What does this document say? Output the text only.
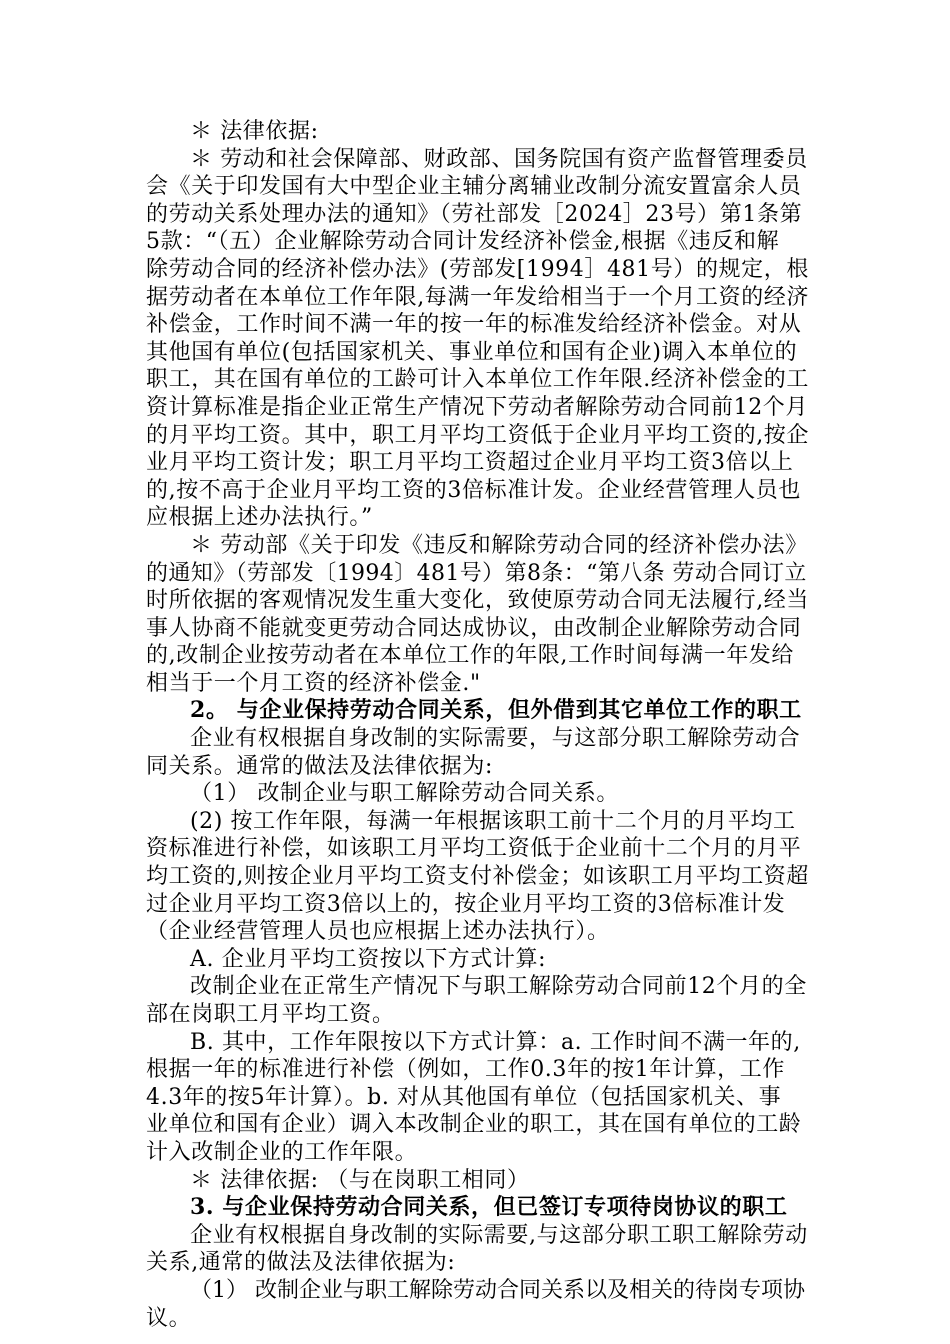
＊ 法律依据:
＊ 劳动和社会保障部、财政部、国务院国有资产监督管理委员
会《关于印发国有大中型企业主辅分离辅业改制分流安置富余人员
的劳动关系处理办法的通知》（劳社部发［2024］23号）第1条第
5款：“（五）企业解除劳动合同计发经济补偿金,根据《违反和解
除劳动合同的经济补偿办法》(劳部发[1994］481号）的规定，根
据劳动者在本单位工作年限,每满一年发给相当于一个月工资的经济
补偿金，工作时间不满一年的按一年的标准发给经济补偿金。对从
其他国有单位(包括国家机关、事业单位和国有企业)调入本单位的
职工，其在国有单位的工龄可计入本单位工作年限.经济补偿金的工
资计算标准是指企业正常生产情况下劳动者解除劳动合同前12个月
的月平均工资。其中，职工月平均工资低于企业月平均工资的,按企
业月平均工资计发；职工月平均工资超过企业月平均工资3倍以上
的,按不高于企业月平均工资的3倍标准计发。企业经营管理人员也
应根据上述办法执行。”
＊ 劳动部《关于印发《违反和解除劳动合同的经济补偿办法》
的通知》（劳部发〔1994〕481号）第8条：“第八条 劳动合同订立
时所依据的客观情况发生重大变化，致使原劳动合同无法履行,经当
事人协商不能就变更劳动合同达成协议，由改制企业解除劳动合同
的,改制企业按劳动者在本单位工作的年限,工作时间每满一年发给
相当于一个月工资的经济补偿金."
2。 与企业保持劳动合同关系，但外借到其它单位工作的职工
企业有权根据自身改制的实际需要，与这部分职工解除劳动合
同关系。通常的做法及法律依据为:
（1） 改制企业与职工解除劳动合同关系。
(2) 按工作年限，每满一年根据该职工前十二个月的月平均工
资标准进行补偿，如该职工月平均工资低于企业前十二个月的月平
均工资的,则按企业月平均工资支付补偿金；如该职工月平均工资超
过企业月平均工资3倍以上的，按企业月平均工资的3倍标准计发
（企业经营管理人员也应根据上述办法执行）。
A. 企业月平均工资按以下方式计算:
改制企业在正常生产情况下与职工解除劳动合同前12个月的全
部在岗职工月平均工资。
B. 其中，工作年限按以下方式计算：a. 工作时间不满一年的,
根据一年的标准进行补偿（例如，工作0.3年的按1年计算，工作
4.3年的按5年计算）。b. 对从其他国有单位（包括国家机关、事
业单位和国有企业）调入本改制企业的职工，其在国有单位的工龄
计入改制企业的工作年限。
＊ 法律依据: （与在岗职工相同）
3. 与企业保持劳动合同关系，但已签订专项待岗协议的职工
企业有权根据自身改制的实际需要,与这部分职工职工解除劳动
关系,通常的做法及法律依据为:
（1） 改制企业与职工解除劳动合同关系以及相关的待岗专项协
议。
